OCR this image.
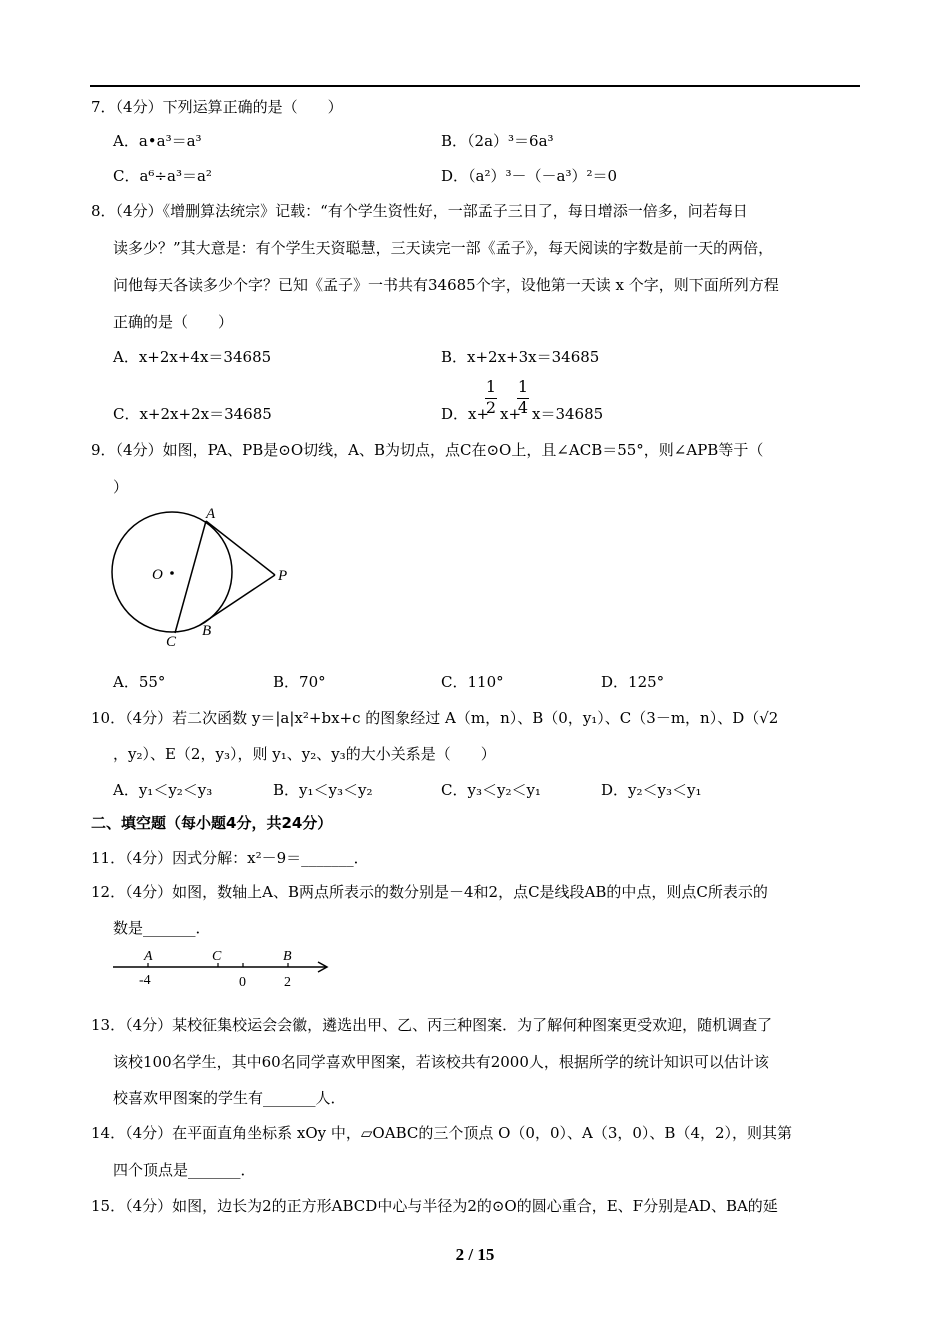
7．（4分）下列运算正确的是（　　）
A．a•a³＝a³	B．（2a）³＝6a³
C．a⁶÷a³＝a²	D．（a²）³－（－a³）²＝0
8．（4分）《增删算法统宗》记载：“有个学生资性好，一部孟子三日了，每日增添一倍多，问若每日
读多少？”其大意是：有个学生天资聪慧，三天读完一部《孟子》，每天阅读的字数是前一天的两倍，
问他每天各读多少个字？已知《孟子》一书共有34685个字，设他第一天读 x 个字，则下面所列方程
正确的是（　　）
A．x+2x+4x＝34685	B．x+2x+3x＝34685
C．x+2x+2x＝34685	D．x+
1
2 x+
1
4 x＝34685
9．（4分）如图，PA、PB是⊙O切线，A、B为切点，点C在⊙O上，且∠ACB＝55°，则∠APB等于（
）
O
A
P
B
C
A．55°	B．70°	C．110°	D．125°
10．（4分）若二次函数 y＝|a|x²+bx+c 的图象经过 A（m，n）、B（0，y₁）、C（3－m，n）、D（√2
，y₂）、E（2，y₃），则 y₁、y₂、y₃的大小关系是（　　）
A．y₁＜y₂＜y₃	B．y₁＜y₃＜y₂	C．y₃＜y₂＜y₁	D．y₂＜y₃＜y₁
二、填空题（每小题4分，共24分）
11．（4分）因式分解：x²－9＝_______．
12．（4分）如图，数轴上A、B两点所表示的数分别是－4和2，点C是线段AB的中点，则点C所表示的
数是_______．
A	C	B
-4	0	2
13．（4分）某校征集校运会会徽，遴选出甲、乙、丙三种图案．为了解何种图案更受欢迎，随机调查了
该校100名学生，其中60名同学喜欢甲图案，若该校共有2000人，根据所学的统计知识可以估计该
校喜欢甲图案的学生有_______人．
14．（4分）在平面直角坐标系 xOy 中，▱OABC的三个顶点 O（0，0）、A（3，0）、B（4，2），则其第
四个顶点是_______．
15．（4分）如图，边长为2的正方形ABCD中心与半径为2的⊙O的圆心重合，E、F分别是AD、BA的延
2 / 15
